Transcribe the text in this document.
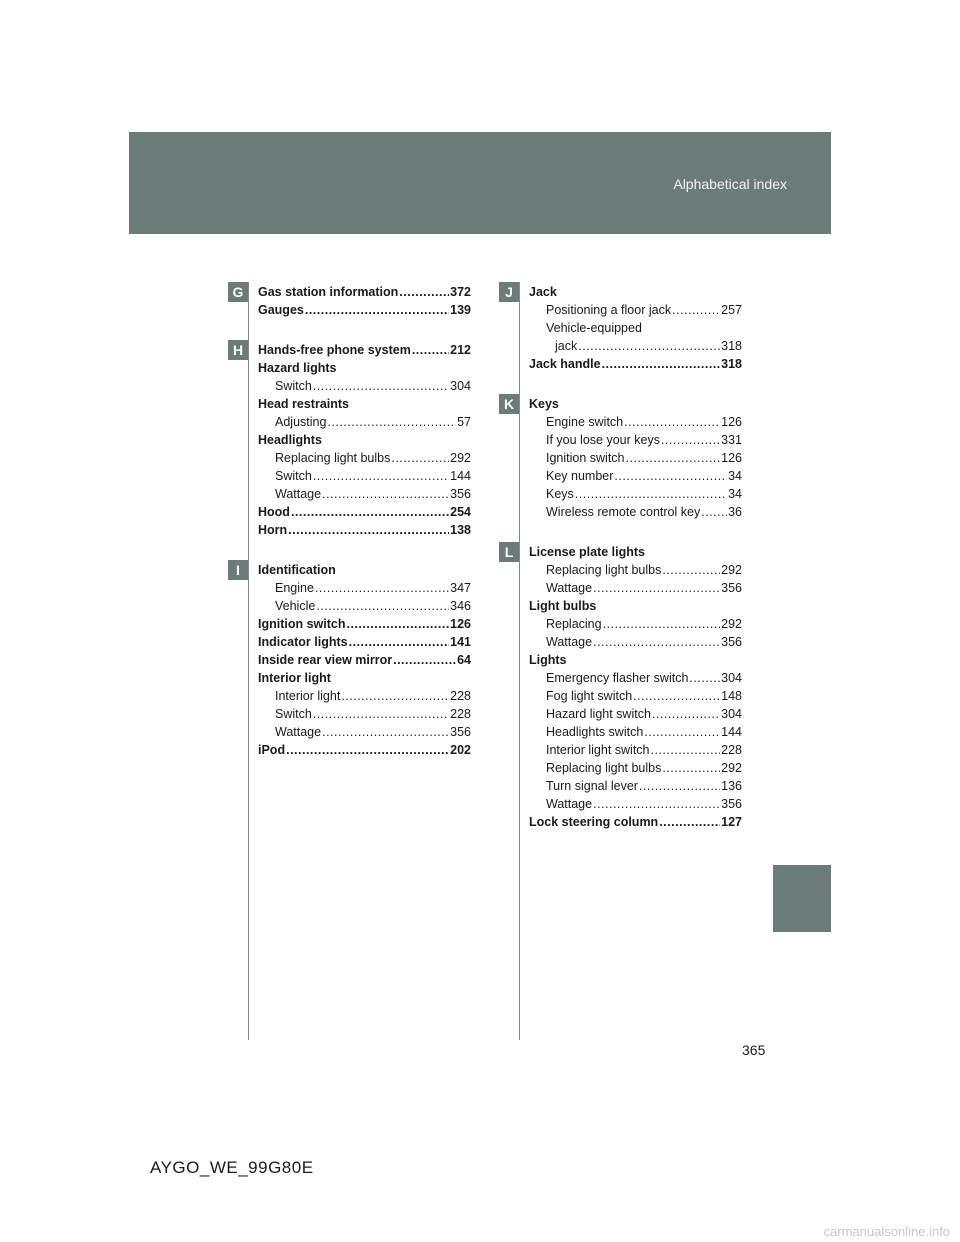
Alphabetical index
G
H
I
J
K
L
Gas station information .....	372
Gauges .....	139
Hands-free phone system .....	212
Hazard lights
Switch .....	304
Head restraints
Adjusting .....	57
Headlights
Replacing light bulbs .....	292
Switch .....	144
Wattage .....	356
Hood .....	254
Horn .....	138
Identification
Engine .....	347
Vehicle .....	346
Ignition switch .....	126
Indicator lights .....	141
Inside rear view mirror .....	64
Interior light
Interior light .....	228
Switch .....	228
Wattage .....	356
iPod .....	202
Jack
Positioning a floor jack .....	257
Vehicle-equipped
jack .....	318
Jack handle .....	318
Keys
Engine switch .....	126
If you lose your keys .....	331
Ignition switch .....	126
Key number .....	34
Keys .....	34
Wireless remote control key ..... 36
License plate lights
Replacing light bulbs .....	292
Wattage .....	356
Light bulbs
Replacing .....	292
Wattage .....	356
Lights
Emergency flasher switch .....	304
Fog light switch .....	148
Hazard light switch .....	304
Headlights switch .....	144
Interior light switch .....	228
Replacing light bulbs .....	292
Turn signal lever .....	136
Wattage .....	356
Lock steering column .....	127
365
AYGO_WE_99G80E
carmanualsonline.info
